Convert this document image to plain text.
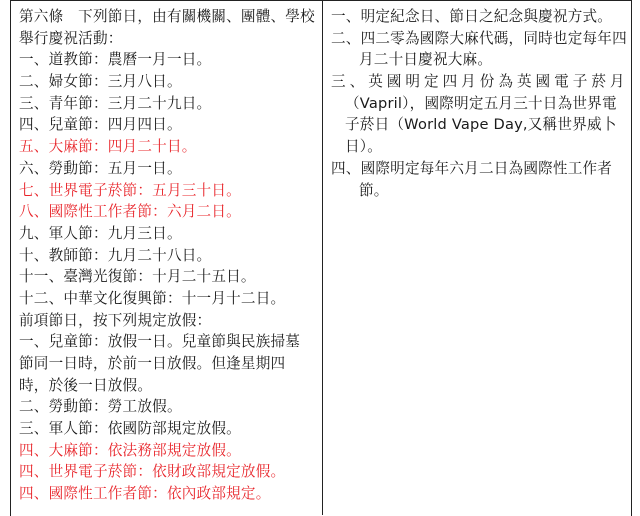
第六條　下列節日，由有關機關、團體、學校
舉行慶祝活動：
一、道教節：農曆一月一日。
二、婦女節：三月八日。
三、青年節：三月二十九日。
四、兒童節：四月四日。
五、大麻節：四月二十日。
六、勞動節：五月一日。
七、世界電子菸節：五月三十日。
八、國際性工作者節：六月二日。
九、軍人節：九月三日。
十、教師節：九月二十八日。
十一、臺灣光復節：十月二十五日。
十二、中華文化復興節：十一月十二日。
前項節日，按下列規定放假：
一、兒童節：放假一日。兒童節與民族掃墓
節同一日時，於前一日放假。但逢星期四
時，於後一日放假。
二、勞動節：勞工放假。
三、軍人節：依國防部規定放假。
四、大麻節：依法務部規定放假。
四、世界電子菸節：依財政部規定放假。
四、國際性工作者節：依內政部規定。
一、明定紀念日、節日之紀念與慶祝方式。
二、四二零為國際大麻代碼，同時也定每年四
月二十日慶祝大麻。
三、英國明定四月份為英國電子菸月
（Vapril），國際明定五月三十日為世界電
子菸日（World Vape Day,又稱世界威卜
日）。
四、國際明定每年六月二日為國際性工作者
節。
